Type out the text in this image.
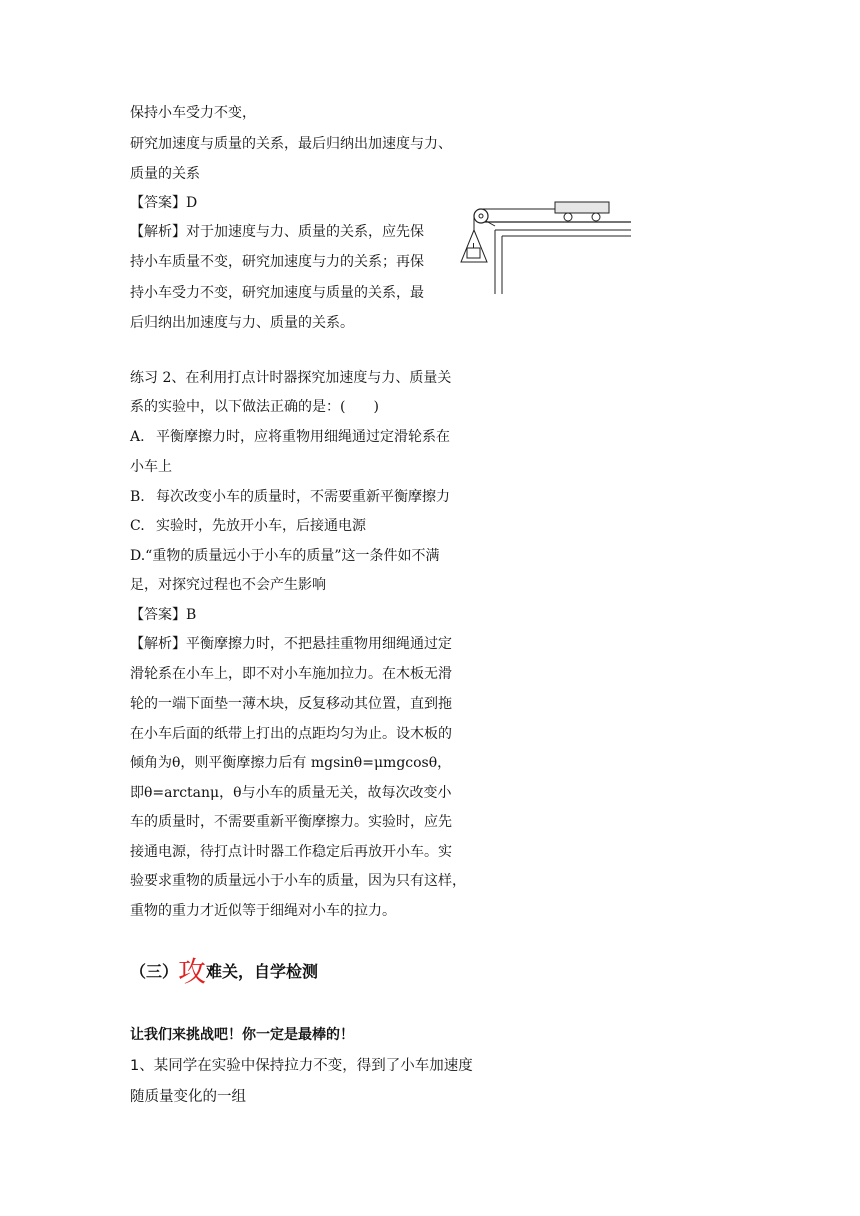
保持小车受力不变，

研究加速度与质量的关系，最后归纳出加速度与力、

质量的关系

【答案】D

【解析】对于加速度与力、质量的关系，应先保

持小车质量不变，研究加速度与力的关系；再保

持小车受力不变，研究加速度与质量的关系，最

后归纳出加速度与力、质量的关系。

练习 2、在利用打点计时器探究加速度与力、质量关

系的实验中，以下做法正确的是：(　　)

A. 平衡摩擦力时，应将重物用细绳通过定滑轮系在

小车上

B. 每次改变小车的质量时，不需要重新平衡摩擦力

C. 实验时，先放开小车，后接通电源

D.“重物的质量远小于小车的质量”这一条件如不满

足，对探究过程也不会产生影响

【答案】B

【解析】平衡摩擦力时，不把悬挂重物用细绳通过定

滑轮系在小车上，即不对小车施加拉力。在木板无滑

轮的一端下面垫一薄木块，反复移动其位置，直到拖

在小车后面的纸带上打出的点距均匀为止。设木板的

倾角为θ，则平衡摩擦力后有 mgsinθ=μmgcosθ，

即θ=arctanμ，θ与小车的质量无关，故每次改变小

车的质量时，不需要重新平衡摩擦力。实验时，应先

接通电源，待打点计时器工作稳定后再放开小车。实

验要求重物的质量远小于小车的质量，因为只有这样，

重物的重力才近似等于细绳对小车的拉力。

（三）攻难关，自学检测

让我们来挑战吧！你一定是最棒的！

1、某同学在实验中保持拉力不变，得到了小车加速度

随质量变化的一组
